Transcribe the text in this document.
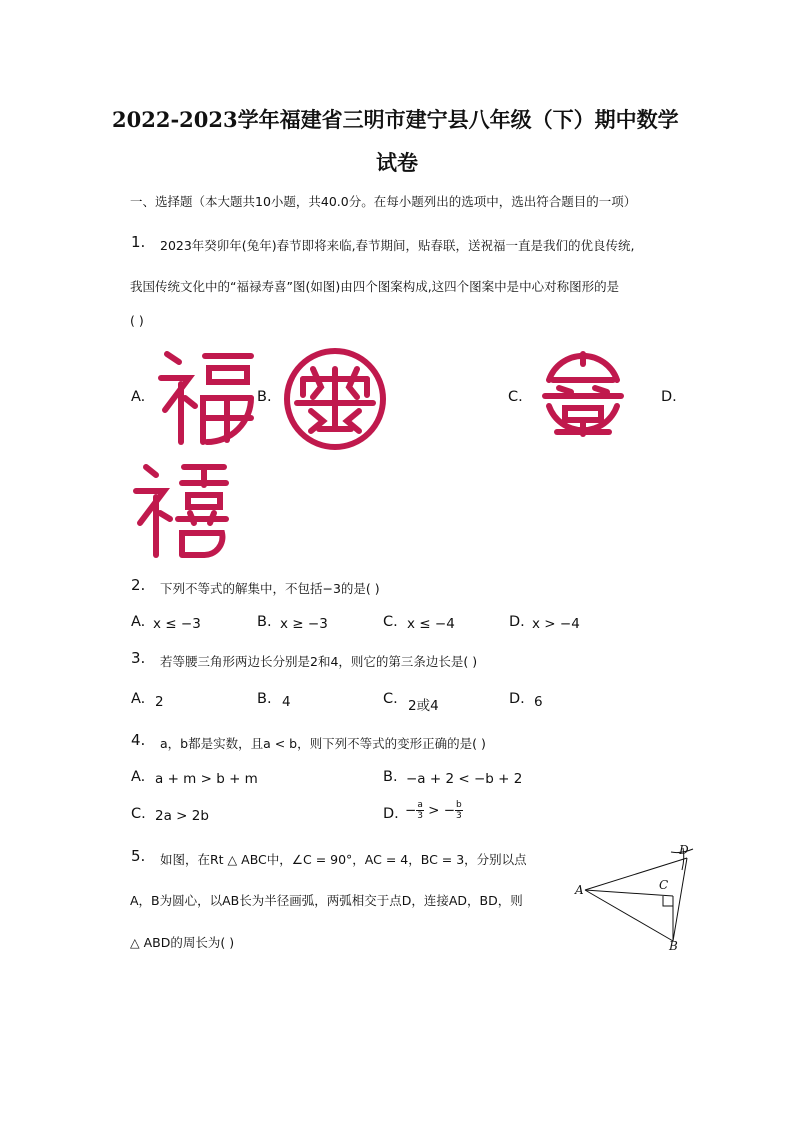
2022-2023学年福建省三明市建宁县八年级（下）期中数学
试卷
一、选择题（本大题共10小题，共40.0分。在每小题列出的选项中，选出符合题目的一项）
1. 2023年癸卯年(兔年)春节即将来临,春节期间，贴春联，送祝福一直是我们的优良传统,
我国传统文化中的“福禄寿喜”图(如图)由四个图案构成,这四个图案中是中心对称图形的是
( )
A.	B.	C.	D.
2. 下列不等式的解集中，不包括−3的是( )
A. x ≤ −3	B. x ≥ −3	C. x ≤ −4	D. x > −4
3. 若等腰三角形两边长分别是2和4，则它的第三条边长是( )
A. 2	B. 4	C. 2或4	D. 6
4. a，b都是实数，且a < b，则下列不等式的变形正确的是( )
A. a + m > b + m	B. −a + 2 < −b + 2
C. 2a > 2b	D. − $\frac{a}{3}$ > − $\frac{b}{3}$
5. 如图，在Rt △ ABC中，∠C = 90°，AC = 4，BC = 3，分别以点
A，B为圆心，以AB长为半径画弧，两弧相交于点D，连接AD，BD，则
△ ABD的周长为( )
A
B
C
D
